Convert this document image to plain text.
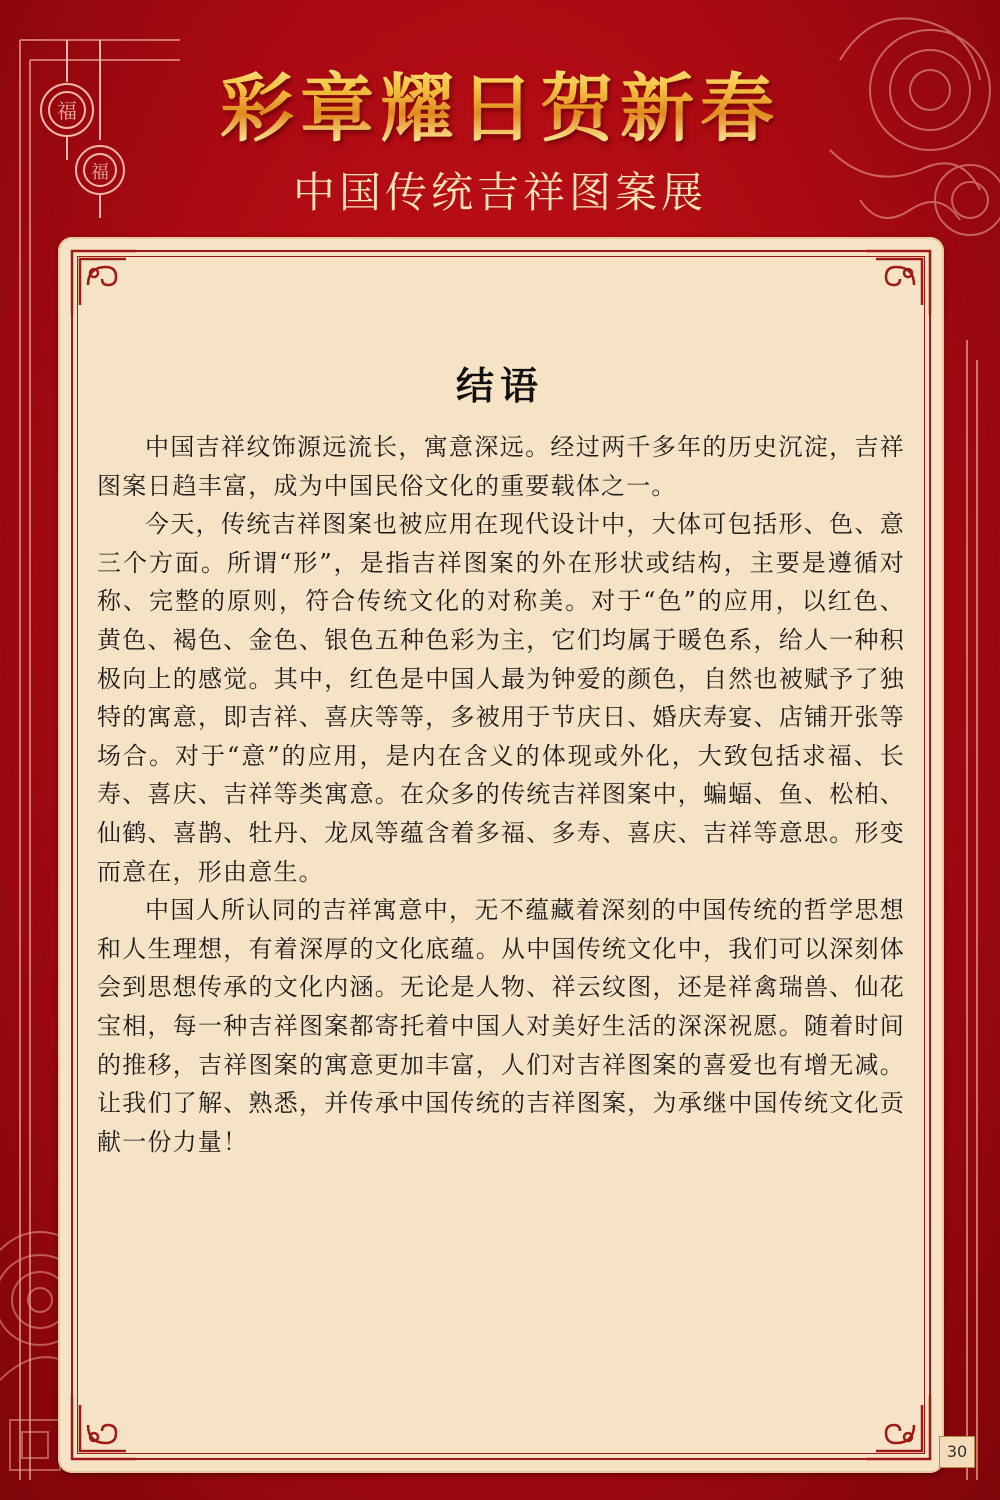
福
彩章耀日贺新春
中国传统吉祥图案展
结语

中国吉祥纹饰源远流长，寓意深远。经过两千多年的历史沉淀，吉祥图案日趋丰富，成为中国民俗文化的重要载体之一。

今天，传统吉祥图案也被应用在现代设计中，大体可包括形、色、意三个方面。所谓“形”，是指吉祥图案的外在形状或结构，主要是遵循对称、完整的原则，符合传统文化的对称美。对于“色”的应用，以红色、黄色、褐色、金色、银色五种色彩为主，它们均属于暖色系，给人一种积极向上的感觉。其中，红色是中国人最为钟爱的颜色，自然也被赋予了独特的寓意，即吉祥、喜庆等等，多被用于节庆日、婚庆寿宴、店铺开张等场合。对于“意”的应用，是内在含义的体现或外化，大致包括求福、长寿、喜庆、吉祥等类寓意。在众多的传统吉祥图案中，蝙蝠、鱼、松柏、仙鹤、喜鹊、牡丹、龙凤等蕴含着多福、多寿、喜庆、吉祥等意思。形变而意在，形由意生。

中国人所认同的吉祥寓意中，无不蕴藏着深刻的中国传统的哲学思想和人生理想，有着深厚的文化底蕴。从中国传统文化中，我们可以深刻体会到思想传承的文化内涵。无论是人物、祥云纹图，还是祥禽瑞兽、仙花宝相，每一种吉祥图案都寄托着中国人对美好生活的深深祝愿。随着时间的推移，吉祥图案的寓意更加丰富，人们对吉祥图案的喜爱也有增无减。让我们了解、熟悉，并传承中国传统的吉祥图案，为承继中国传统文化贡献一份力量！

30
